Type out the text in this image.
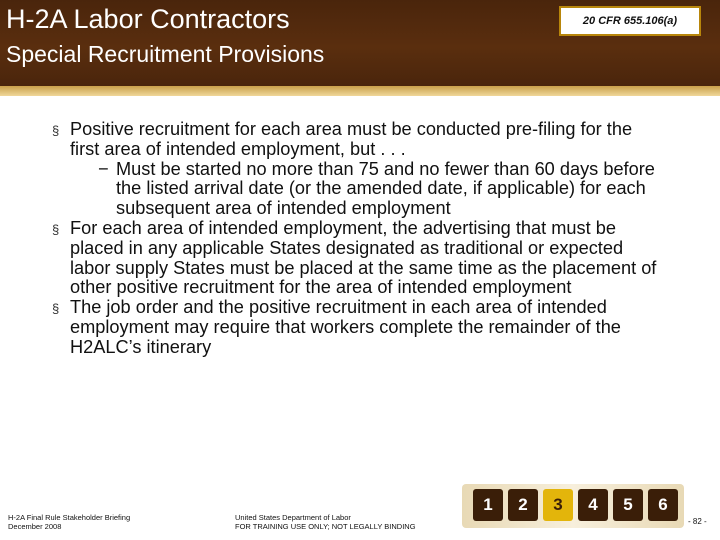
H-2A Labor Contractors
Special Recruitment Provisions
20 CFR 655.106(a)
§ Positive recruitment for each area must be conducted pre-filing for the first area of intended employment, but . . .
− Must be started no more than 75 and no fewer than 60 days before the listed arrival date (or the amended date, if applicable) for each subsequent area of intended employment
§ For each area of intended employment, the advertising that must be placed in any applicable States designated as traditional or expected labor supply States must be placed at the same time as the placement of other positive recruitment for the area of intended employment
§ The job order and the positive recruitment in each area of intended employment may require that workers complete the remainder of the H2ALC’s itinerary
H-2A Final Rule Stakeholder Briefing
December 2008
United States Department of Labor
FOR TRAINING USE ONLY; NOT LEGALLY BINDING
1	2	3	4	5	6
- 82 -
